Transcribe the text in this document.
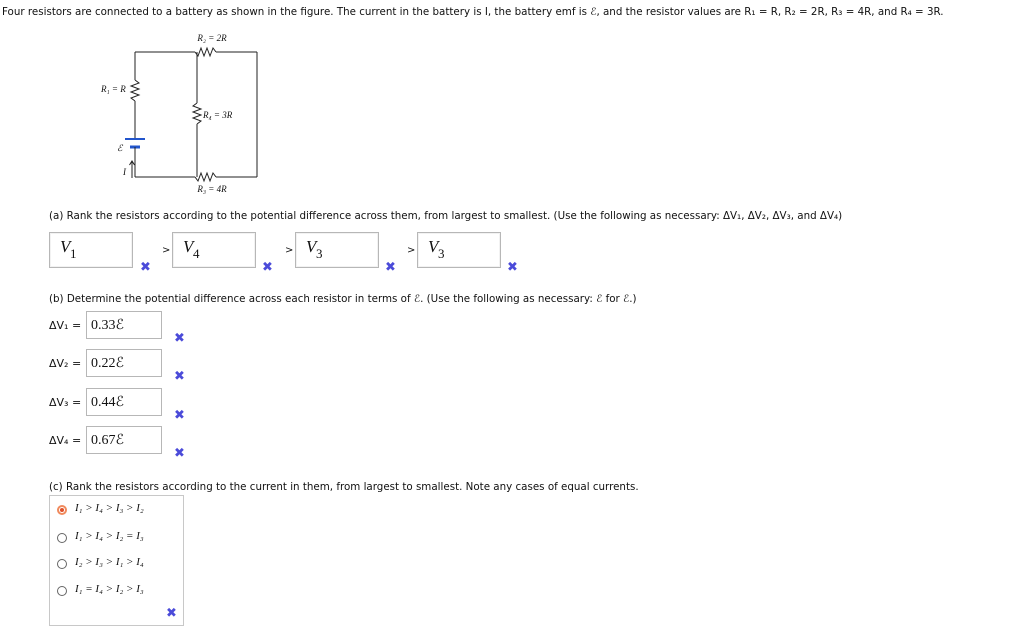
Four resistors are connected to a battery as shown in the figure. The current in the battery is I, the battery emf is ℰ, and the resistor values are R₁ = R, R₂ = 2R, R₃ = 4R, and R₄ = 3R.
R₂ = 2R
R₁ = R
R₄ = 3R
ℰ
I
R₃ = 4R
(a) Rank the resistors according to the potential difference across them, from largest to smallest. (Use the following as necessary: ΔV₁, ΔV₂, ΔV₃, and ΔV₄)
V 1	> V 4	> V 3	> V 3
✖	✖	✖	✖
(b) Determine the potential difference across each resistor in terms of ℰ. (Use the following as necessary: ℰ for ℰ.)
ΔV₁ = 0.33ℰ
✖
ΔV₂ = 0.22ℰ
✖
ΔV₃ = 0.44ℰ
✖
ΔV₄ = 0.67ℰ
✖
(c) Rank the resistors according to the current in them, from largest to smallest. Note any cases of equal currents.
I₁ > I₄ > I₃ > I₂
I₁ > I₄ > I₂ = I₃
I₂ > I₃ > I₁ > I₄
I₁ = I₄ > I₂ > I₃
✖
